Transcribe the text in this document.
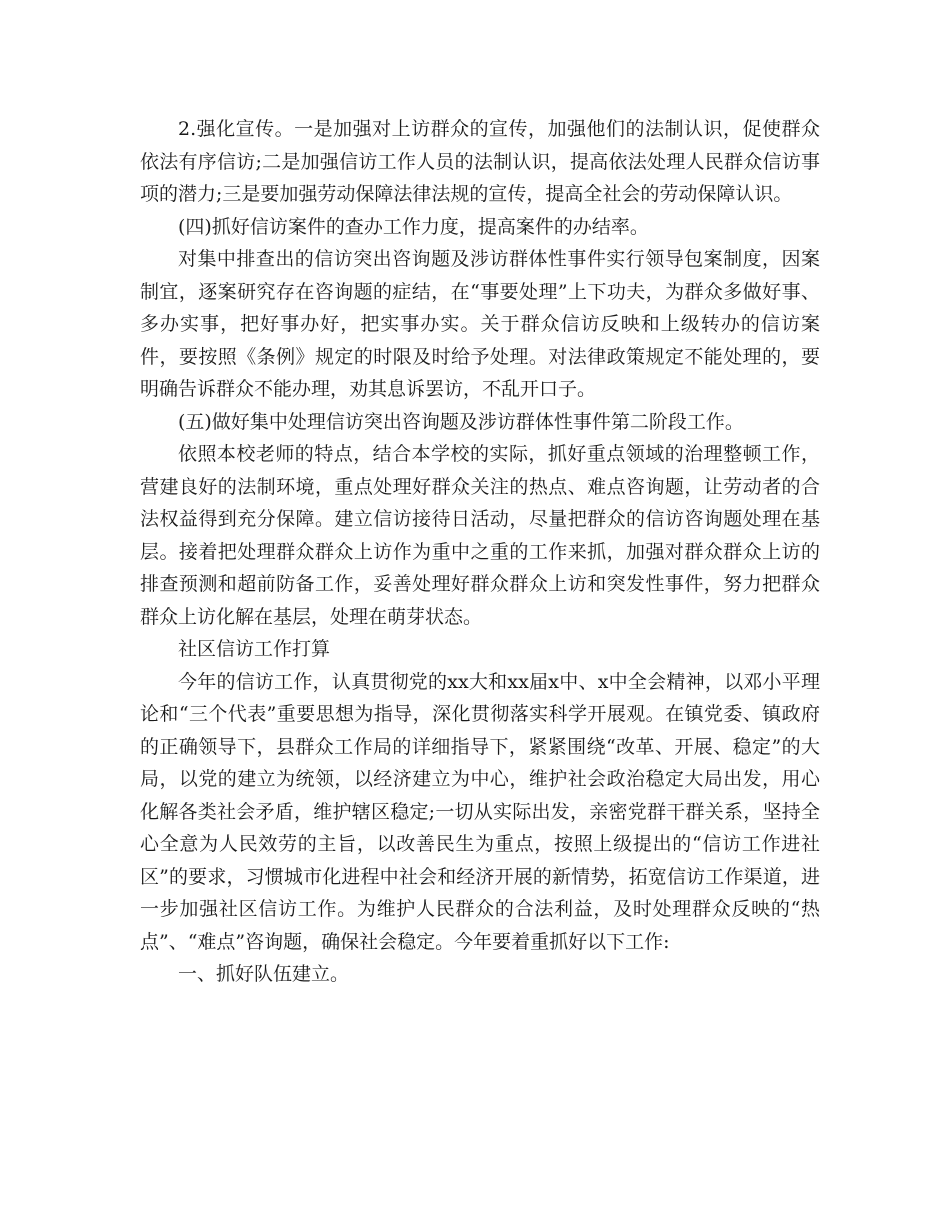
2.强化宣传。一是加强对上访群众的宣传，加强他们的法制认识，促使群众依法有序信访;二是加强信访工作人员的法制认识，提高依法处理人民群众信访事项的潜力;三是要加强劳动保障法律法规的宣传，提高全社会的劳动保障认识。

(四)抓好信访案件的查办工作力度，提高案件的办结率。

对集中排查出的信访突出咨询题及涉访群体性事件实行领导包案制度，因案制宜，逐案研究存在咨询题的症结，在“事要处理”上下功夫，为群众多做好事、多办实事，把好事办好，把实事办实。关于群众信访反映和上级转办的信访案件，要按照《条例》规定的时限及时给予处理。对法律政策规定不能处理的，要明确告诉群众不能办理，劝其息诉罢访，不乱开口子。

(五)做好集中处理信访突出咨询题及涉访群体性事件第二阶段工作。

依照本校老师的特点，结合本学校的实际，抓好重点领域的治理整顿工作，营建良好的法制环境，重点处理好群众关注的热点、难点咨询题，让劳动者的合法权益得到充分保障。建立信访接待日活动，尽量把群众的信访咨询题处理在基层。接着把处理群众群众上访作为重中之重的工作来抓，加强对群众群众上访的排查预测和超前防备工作，妥善处理好群众群众上访和突发性事件，努力把群众群众上访化解在基层，处理在萌芽状态。

社区信访工作打算

今年的信访工作，认真贯彻党的xx大和xx届x中、x中全会精神，以邓小平理论和“三个代表”重要思想为指导，深化贯彻落实科学开展观。在镇党委、镇政府的正确领导下，县群众工作局的详细指导下，紧紧围绕“改革、开展、稳定”的大局，以党的建立为统领，以经济建立为中心，维护社会政治稳定大局出发，用心化解各类社会矛盾，维护辖区稳定;一切从实际出发，亲密党群干群关系，坚持全心全意为人民效劳的主旨，以改善民生为重点，按照上级提出的“信访工作进社区”的要求，习惯城市化进程中社会和经济开展的新情势，拓宽信访工作渠道，进一步加强社区信访工作。为维护人民群众的合法利益，及时处理群众反映的“热点”、“难点”咨询题，确保社会稳定。今年要着重抓好以下工作:

一、抓好队伍建立。
